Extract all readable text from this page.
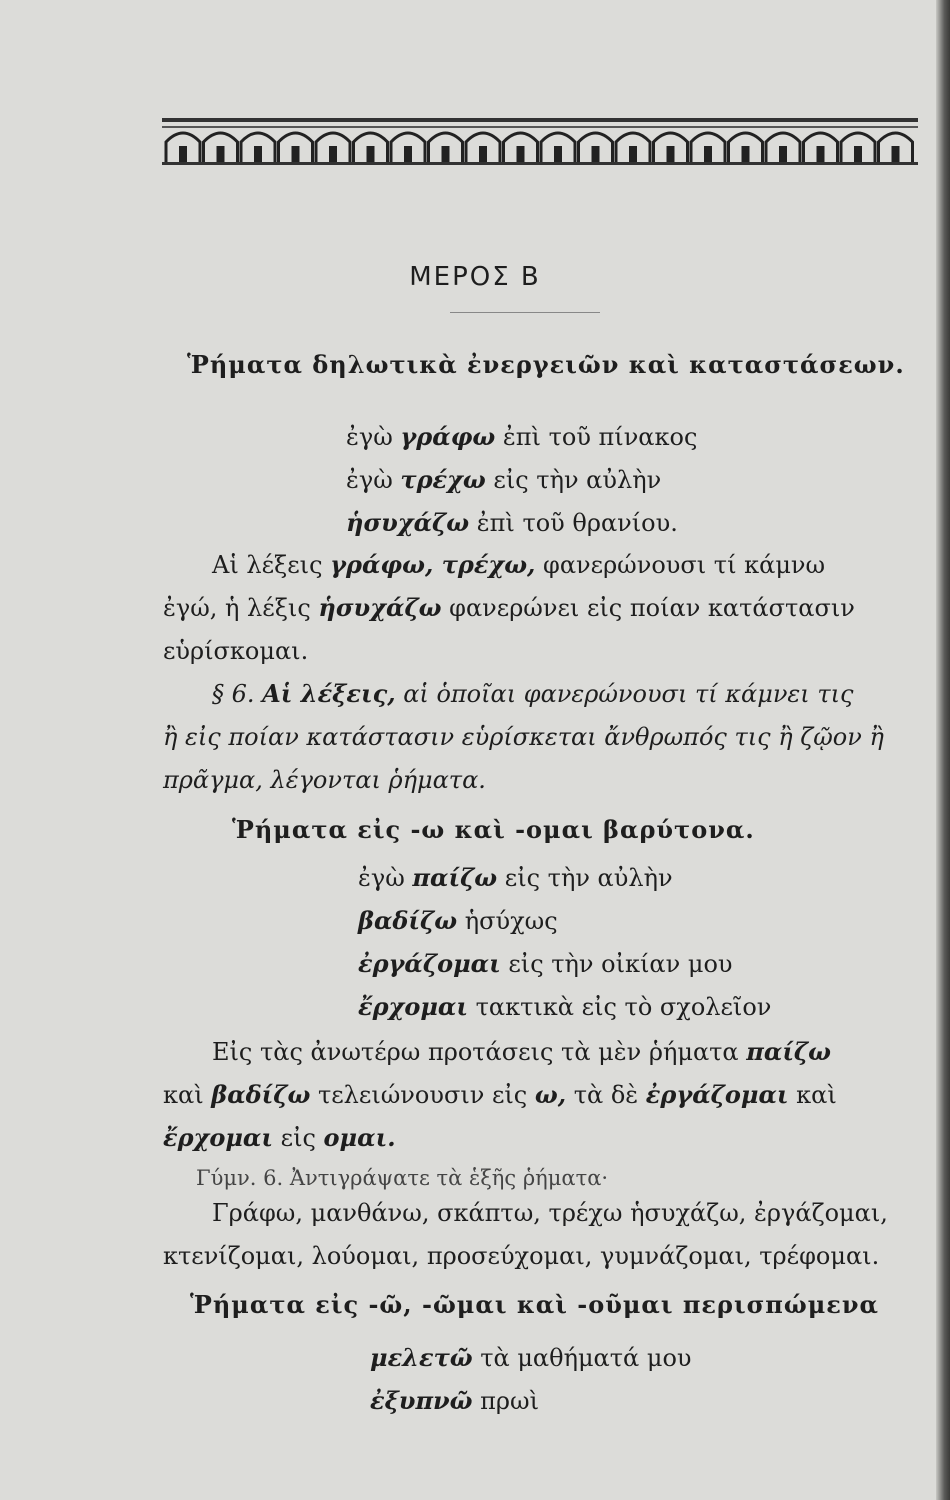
ΜΕΡΟΣ Β
Ῥήματα δηλωτικὰ ἐνεργειῶν καὶ καταστάσεων.
ἐγὼ γράφω ἐπὶ τοῦ πίνακος
ἐγὼ τρέχω εἰς τὴν αὐλὴν
ἡσυχάζω ἐπὶ τοῦ θρανίου.
Αἱ λέξεις γράφω, τρέχω, φανερώνουσι τί κάμνω
ἐγώ, ἡ λέξις ἡσυχάζω φανερώνει εἰς ποίαν κατάστασιν
εὑρίσκομαι.
§ 6. Αἱ λέξεις, αἱ ὁποῖαι φανερώνουσι τί κάμνει τις
ἢ εἰς ποίαν κατάστασιν εὑρίσκεται ἄνθρωπός τις ἢ ζῷον ἢ
πρᾶγμα, λέγονται ῥήματα.
Ῥήματα εἰς -ω καὶ -ομαι βαρύτονα.
ἐγὼ παίζω εἰς τὴν αὐλὴν
βαδίζω ἡσύχως
ἐργάζομαι εἰς τὴν οἰκίαν μου
ἔρχομαι τακτικὰ εἰς τὸ σχολεῖον
Εἰς τὰς ἀνωτέρω προτάσεις τὰ μὲν ῥήματα παίζω
καὶ βαδίζω τελειώνουσιν εἰς ω, τὰ δὲ ἐργάζομαι καὶ
ἔρχομαι εἰς ομαι.
Γύμν. 6. Ἀντιγράψατε τὰ ἑξῆς ῥήματα·
Γράφω, μανθάνω, σκάπτω, τρέχω ἡσυχάζω, ἐργάζομαι,
κτενίζομαι, λούομαι, προσεύχομαι, γυμνάζομαι, τρέφομαι.
Ῥήματα εἰς -ῶ, -ῶμαι καὶ -οῦμαι περισπώμενα
μελετῶ τὰ μαθήματά μου
ἐξυπνῶ πρωὶ
